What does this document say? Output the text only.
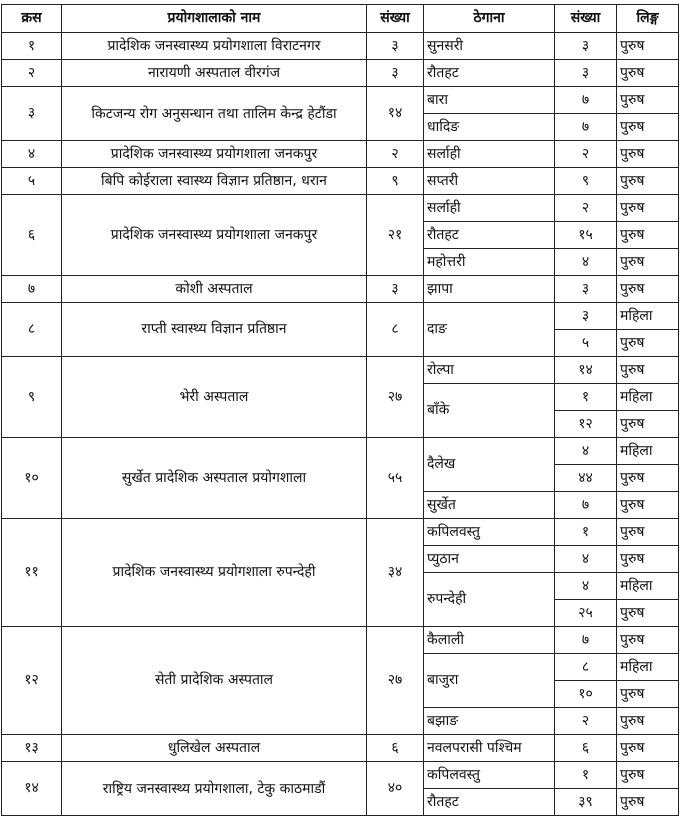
क्रस	प्रयोगशालाको नाम	संख्या	ठेगाना	संख्या	लिङ्ग
१	प्रादेशिक जनस्वास्थ्य प्रयोगशाला विराटनगर	३	सुनसरी	३	पुरुष
२	नारायणी अस्पताल वीरगंज	३	रौतहट	३	पुरुष
३	किटजन्य रोग अनुसन्धान तथा तालिम केन्द्र हेटौंडा	१४	बारा	७	पुरुष
			धादिङ	७	पुरुष
४	प्रादेशिक जनस्वास्थ्य प्रयोगशाला जनकपुर	२	सर्लाही	२	पुरुष
५	बिपि कोईराला स्वास्थ्य विज्ञान प्रतिष्ठान, धरान	९	सप्तरी	९	पुरुष
६	प्रादेशिक जनस्वास्थ्य प्रयोगशाला जनकपुर	२१	सर्लाही	२	पुरुष
			रौतहट	१५	पुरुष
			महोत्तरी	४	पुरुष
७	कोशी अस्पताल	३	झापा	३	पुरुष
८	राप्ती स्वास्थ्य विज्ञान प्रतिष्ठान	८	दाङ	३	महिला
				५	पुरुष
९	भेरी अस्पताल	२७	रोल्पा	१४	पुरुष
			बाँके	१	महिला
				१२	पुरुष
१०	सुर्खेत प्रादेशिक अस्पताल प्रयोगशाला	५५	दैलेख	४	महिला
				४४	पुरुष
			सुर्खेत	७	पुरुष
११	प्रादेशिक जनस्वास्थ्य प्रयोगशाला रुपन्देही	३४	कपिलवस्तु	१	पुरुष
			प्युठान	४	पुरुष
			रुपन्देही	४	महिला
				२५	पुरुष
१२	सेती प्रादेशिक अस्पताल	२७	कैलाली	७	पुरुष
			बाजुरा	८	महिला
				१०	पुरुष
			बझाङ	२	पुरुष
१३	धुलिखेल अस्पताल	६	नवलपरासी पश्चिम	६	पुरुष
१४	राष्ट्रिय जनस्वास्थ्य प्रयोगशाला, टेकु काठमाडौं	४०	कपिलवस्तु	१	पुरुष
			रौतहट	३९	पुरुष
